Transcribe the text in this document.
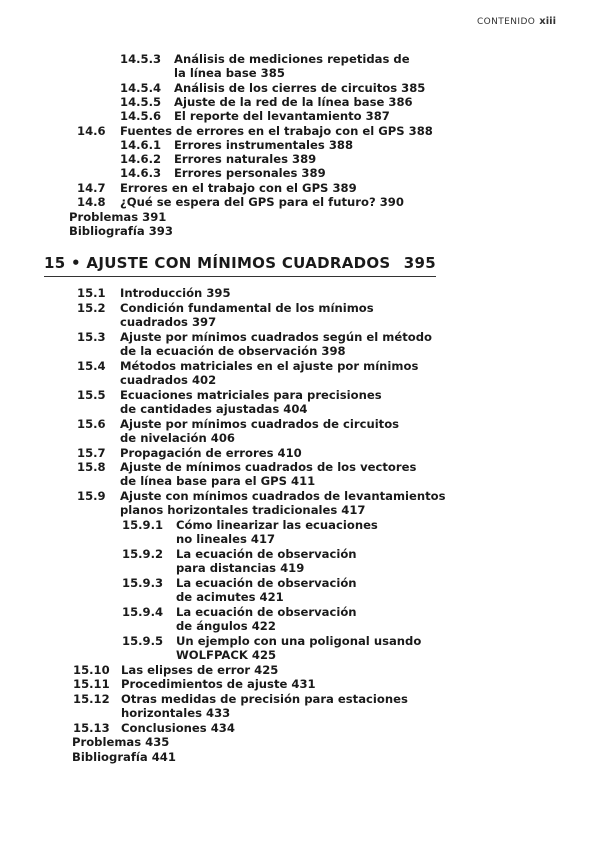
CONTENIDO xiii
14.5.3 Análisis de mediciones repetidas de
la línea base 385
14.5.4 Análisis de los cierres de circuitos 385
14.5.5 Ajuste de la red de la línea base 386
14.5.6 El reporte del levantamiento 387
14.6 Fuentes de errores en el trabajo con el GPS 388
14.6.1 Errores instrumentales 388
14.6.2 Errores naturales 389
14.6.3 Errores personales 389
14.7 Errores en el trabajo con el GPS 389
14.8 ¿Qué se espera del GPS para el futuro? 390
Problemas 391
Bibliografía 393
15.1 Introducción 395
15.2 Condición fundamental de los mínimos
cuadrados 397
15.3 Ajuste por mínimos cuadrados según el método
de la ecuación de observación 398
15.4 Métodos matriciales en el ajuste por mínimos
cuadrados 402
15.5 Ecuaciones matriciales para precisiones
de cantidades ajustadas 404
15.6 Ajuste por mínimos cuadrados de circuitos
de nivelación 406
15.7 Propagación de errores 410
15.8 Ajuste de mínimos cuadrados de los vectores
de línea base para el GPS 411
15.9 Ajuste con mínimos cuadrados de levantamientos
planos horizontales tradicionales 417
15.9.1 Cómo linearizar las ecuaciones
no lineales 417
15.9.2 La ecuación de observación
para distancias 419
15.9.3 La ecuación de observación
de acimutes 421
15.9.4 La ecuación de observación
de ángulos 422
15.9.5 Un ejemplo con una poligonal usando
WOLFPACK 425
15.10 Las elipses de error 425
15.11 Procedimientos de ajuste 431
15.12 Otras medidas de precisión para estaciones
horizontales 433
15.13 Conclusiones 434
Problemas 435
Bibliografía 441
15 • AJUSTE CON MÍNIMOS CUADRADOS 395
